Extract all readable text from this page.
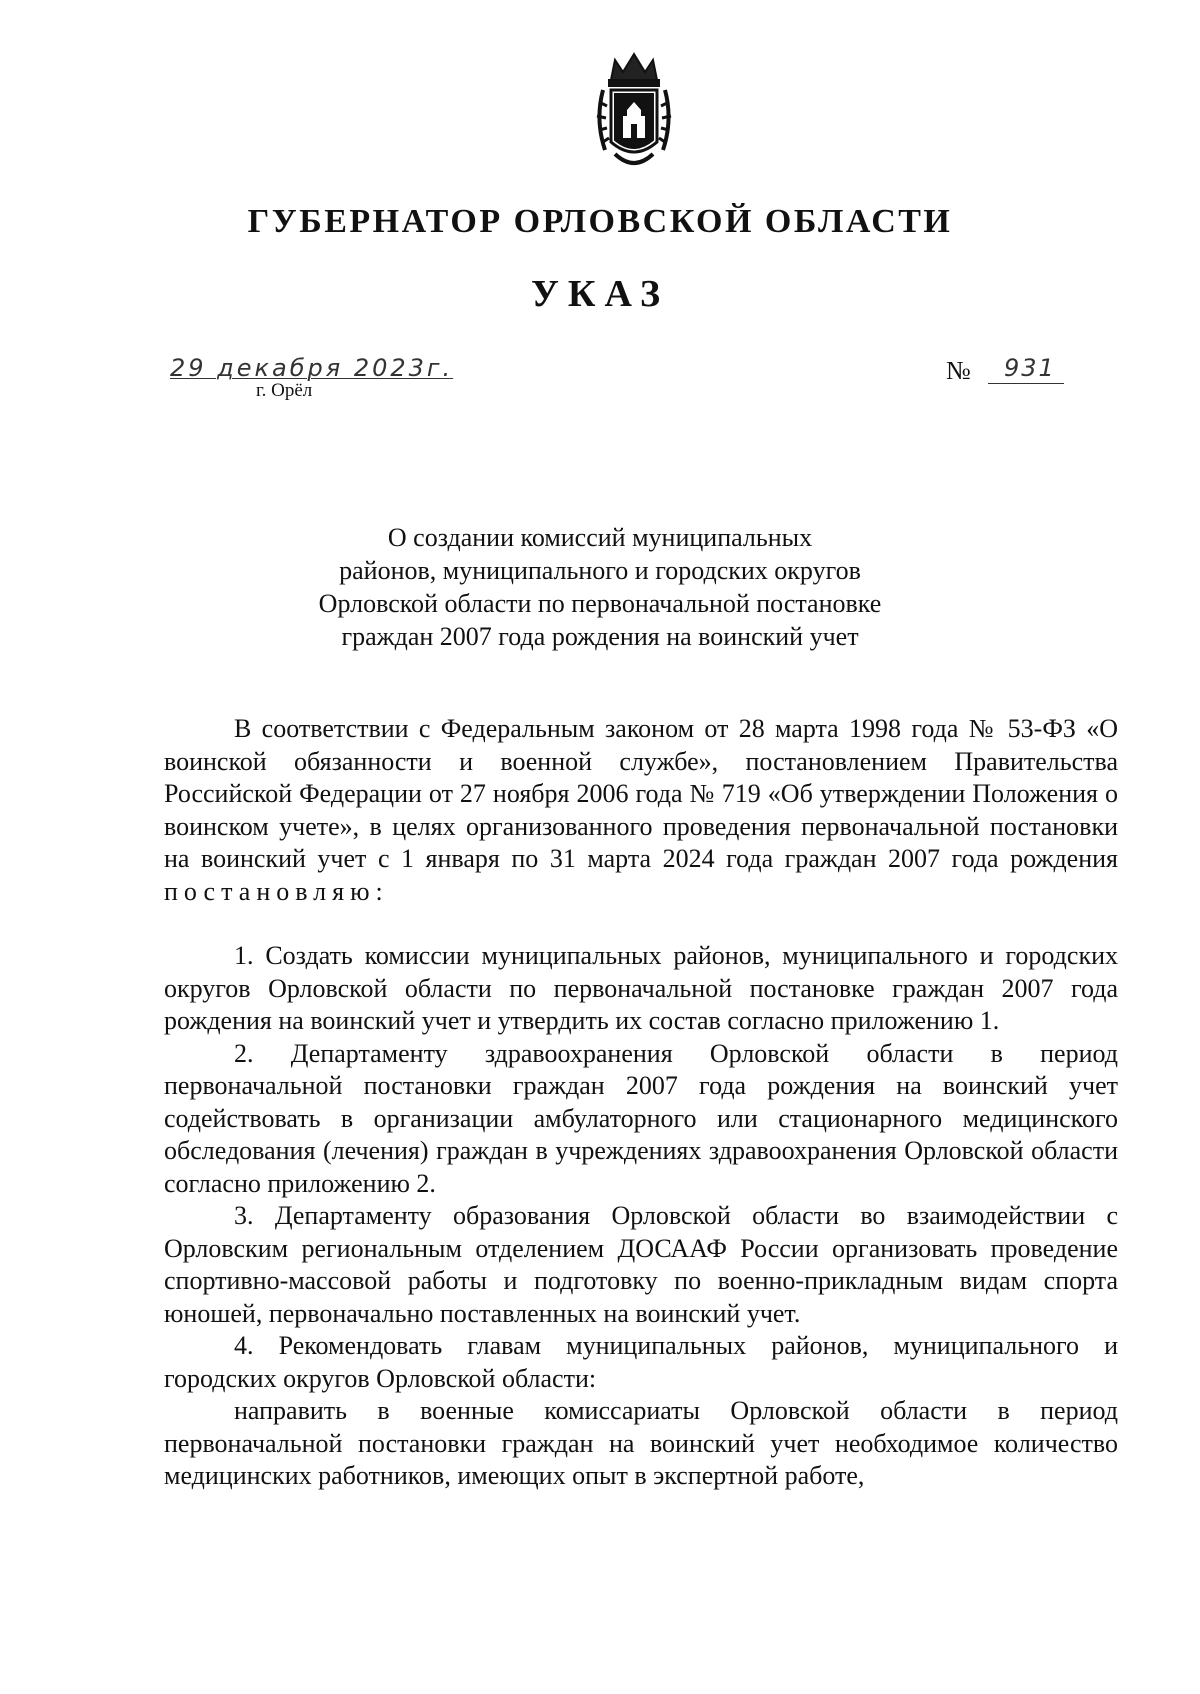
ГУБЕРНАТОР ОРЛОВСКОЙ ОБЛАСТИ
УКАЗ
29 декабря 2023г.
г. Орёл
№ 931
О создании комиссий муниципальных
районов, муниципального и городских округов
Орловской области по первоначальной постановке
граждан 2007 года рождения на воинский учет

В соответствии с Федеральным законом от 28 марта 1998 года № 53-ФЗ «О воинской обязанности и военной службе», постановлением Правительства Российской Федерации от 27 ноября 2006 года № 719 «Об утверждении Положения о воинском учете», в целях организованного проведения первоначальной постановки на воинский учет с 1 января по 31 марта 2024 года граждан 2007 года рождения постановляю:

1. Создать комиссии муниципальных районов, муниципального и городских округов Орловской области по первоначальной постановке граждан 2007 года рождения на воинский учет и утвердить их состав согласно приложению 1.

2. Департаменту здравоохранения Орловской области в период первоначальной постановки граждан 2007 года рождения на воинский учет содействовать в организации амбулаторного или стационарного медицинского обследования (лечения) граждан в учреждениях здравоохранения Орловской области согласно приложению 2.

3. Департаменту образования Орловской области во взаимодействии с Орловским региональным отделением ДОСААФ России организовать проведение спортивно-массовой работы и подготовку по военно-прикладным видам спорта юношей, первоначально поставленных на воинский учет.

4. Рекомендовать главам муниципальных районов, муниципального и городских округов Орловской области:

направить в военные комиссариаты Орловской области в период первоначальной постановки граждан на воинский учет необходимое количество медицинских работников, имеющих опыт в экспертной работе,
